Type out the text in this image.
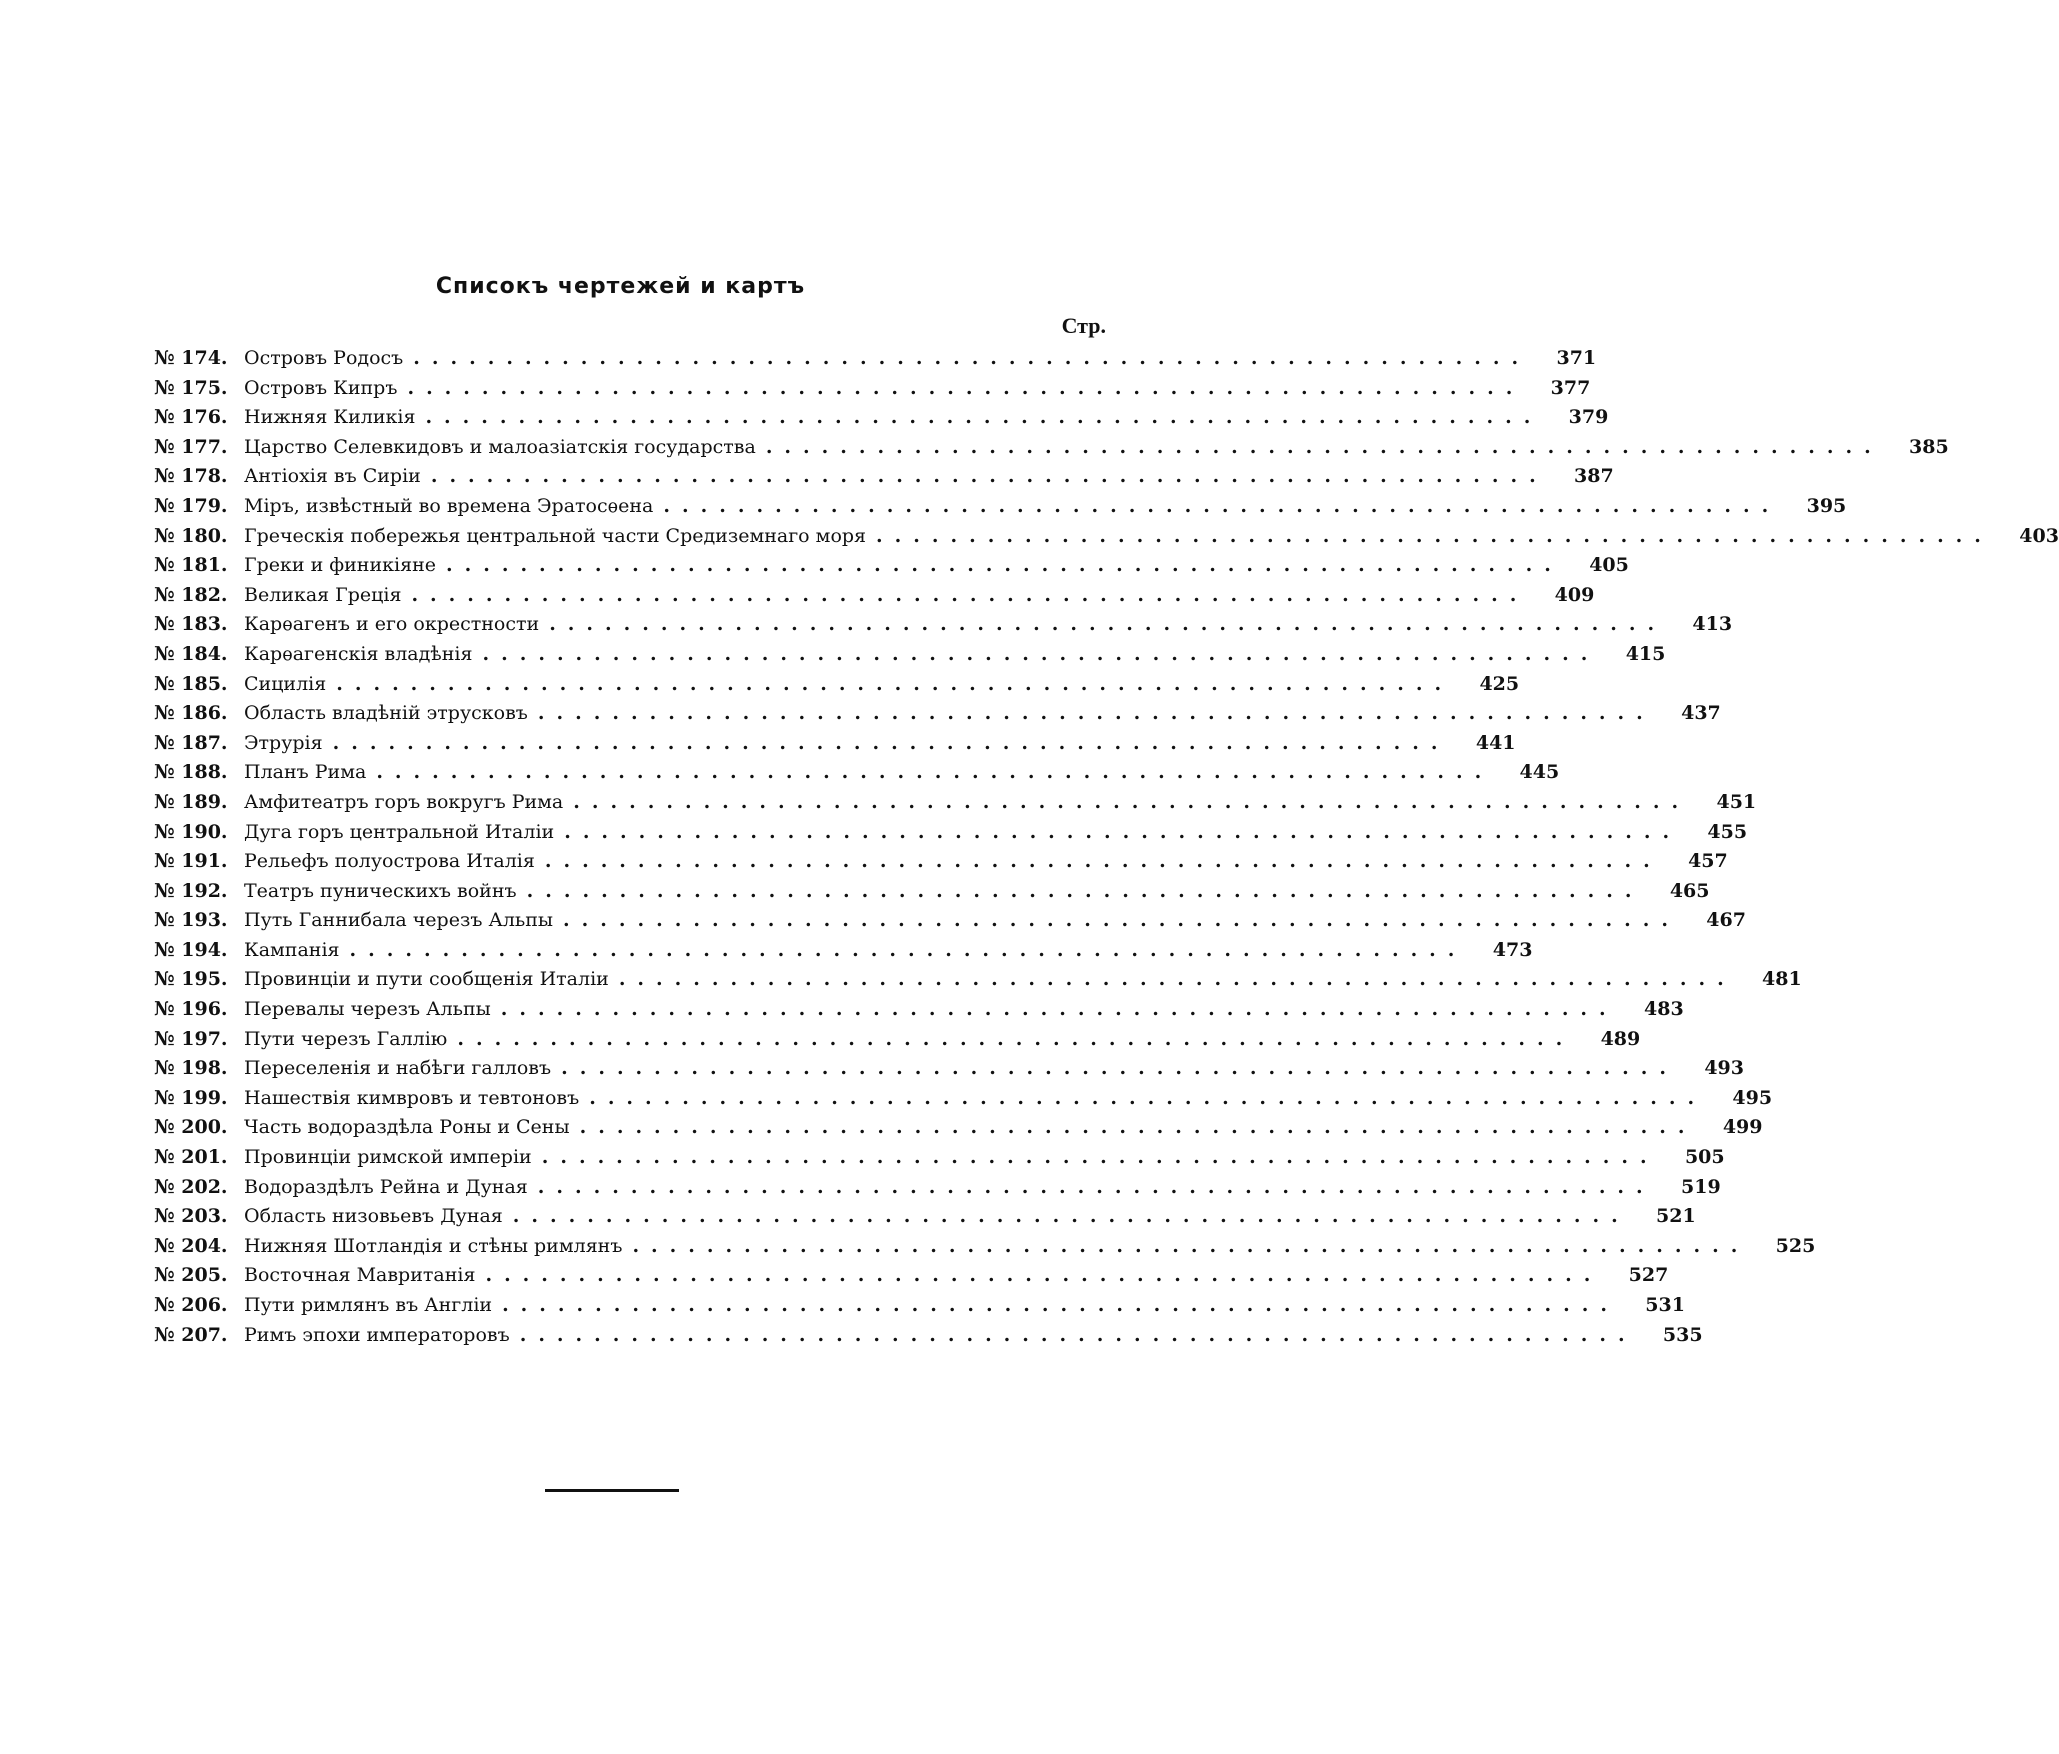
Списокъ чертежей и картъ
Стр.
№ 174. Островъ Родосъ ............................................................	371
№ 175. Островъ Кипръ ............................................................	377
№ 176. Нижняя Киликія ............................................................	379
№ 177. Царство Селевкидовъ и малоазіатскія государства ............................................................	385
№ 178. Антіохія въ Сиріи ............................................................	387
№ 179. Міръ, извѣстный во времена Эратосѳена ............................................................	395
№ 180. Греческія побережья центральной части Средиземнаго моря ............................................................	403
№ 181. Греки и финикіяне ............................................................	405
№ 182. Великая Греція ............................................................	409
№ 183. Карѳагенъ и его окрестности ............................................................	413
№ 184. Карѳагенскія владѣнія ............................................................	415
№ 185. Сицилія ............................................................	425
№ 186. Область владѣній этрусковъ ............................................................	437
№ 187. Этрурія ............................................................	441
№ 188. Планъ Рима ............................................................	445
№ 189. Амфитеатръ горъ вокругъ Рима ............................................................	451
№ 190. Дуга горъ центральной Италіи ............................................................	455
№ 191. Рельефъ полуострова Италія ............................................................	457
№ 192. Театръ пуническихъ войнъ ............................................................	465
№ 193. Путь Ганнибала черезъ Альпы ............................................................	467
№ 194. Кампанія ............................................................	473
№ 195. Провинціи и пути сообщенія Италіи ............................................................	481
№ 196. Перевалы черезъ Альпы ............................................................	483
№ 197. Пути черезъ Галлію ............................................................	489
№ 198. Переселенія и набѣги галловъ ............................................................	493
№ 199. Нашествія кимвровъ и тевтоновъ ............................................................	495
№ 200. Часть водораздѣла Роны и Сены ............................................................	499
№ 201. Провинціи римской имперіи ............................................................	505
№ 202. Водораздѣлъ Рейна и Дуная ............................................................	519
№ 203. Область низовьевъ Дуная ............................................................	521
№ 204. Нижняя Шотландія и стѣны римлянъ ............................................................	525
№ 205. Восточная Мавританія ............................................................	527
№ 206. Пути римлянъ въ Англіи ............................................................	531
№ 207. Римъ эпохи императоровъ ............................................................	535
